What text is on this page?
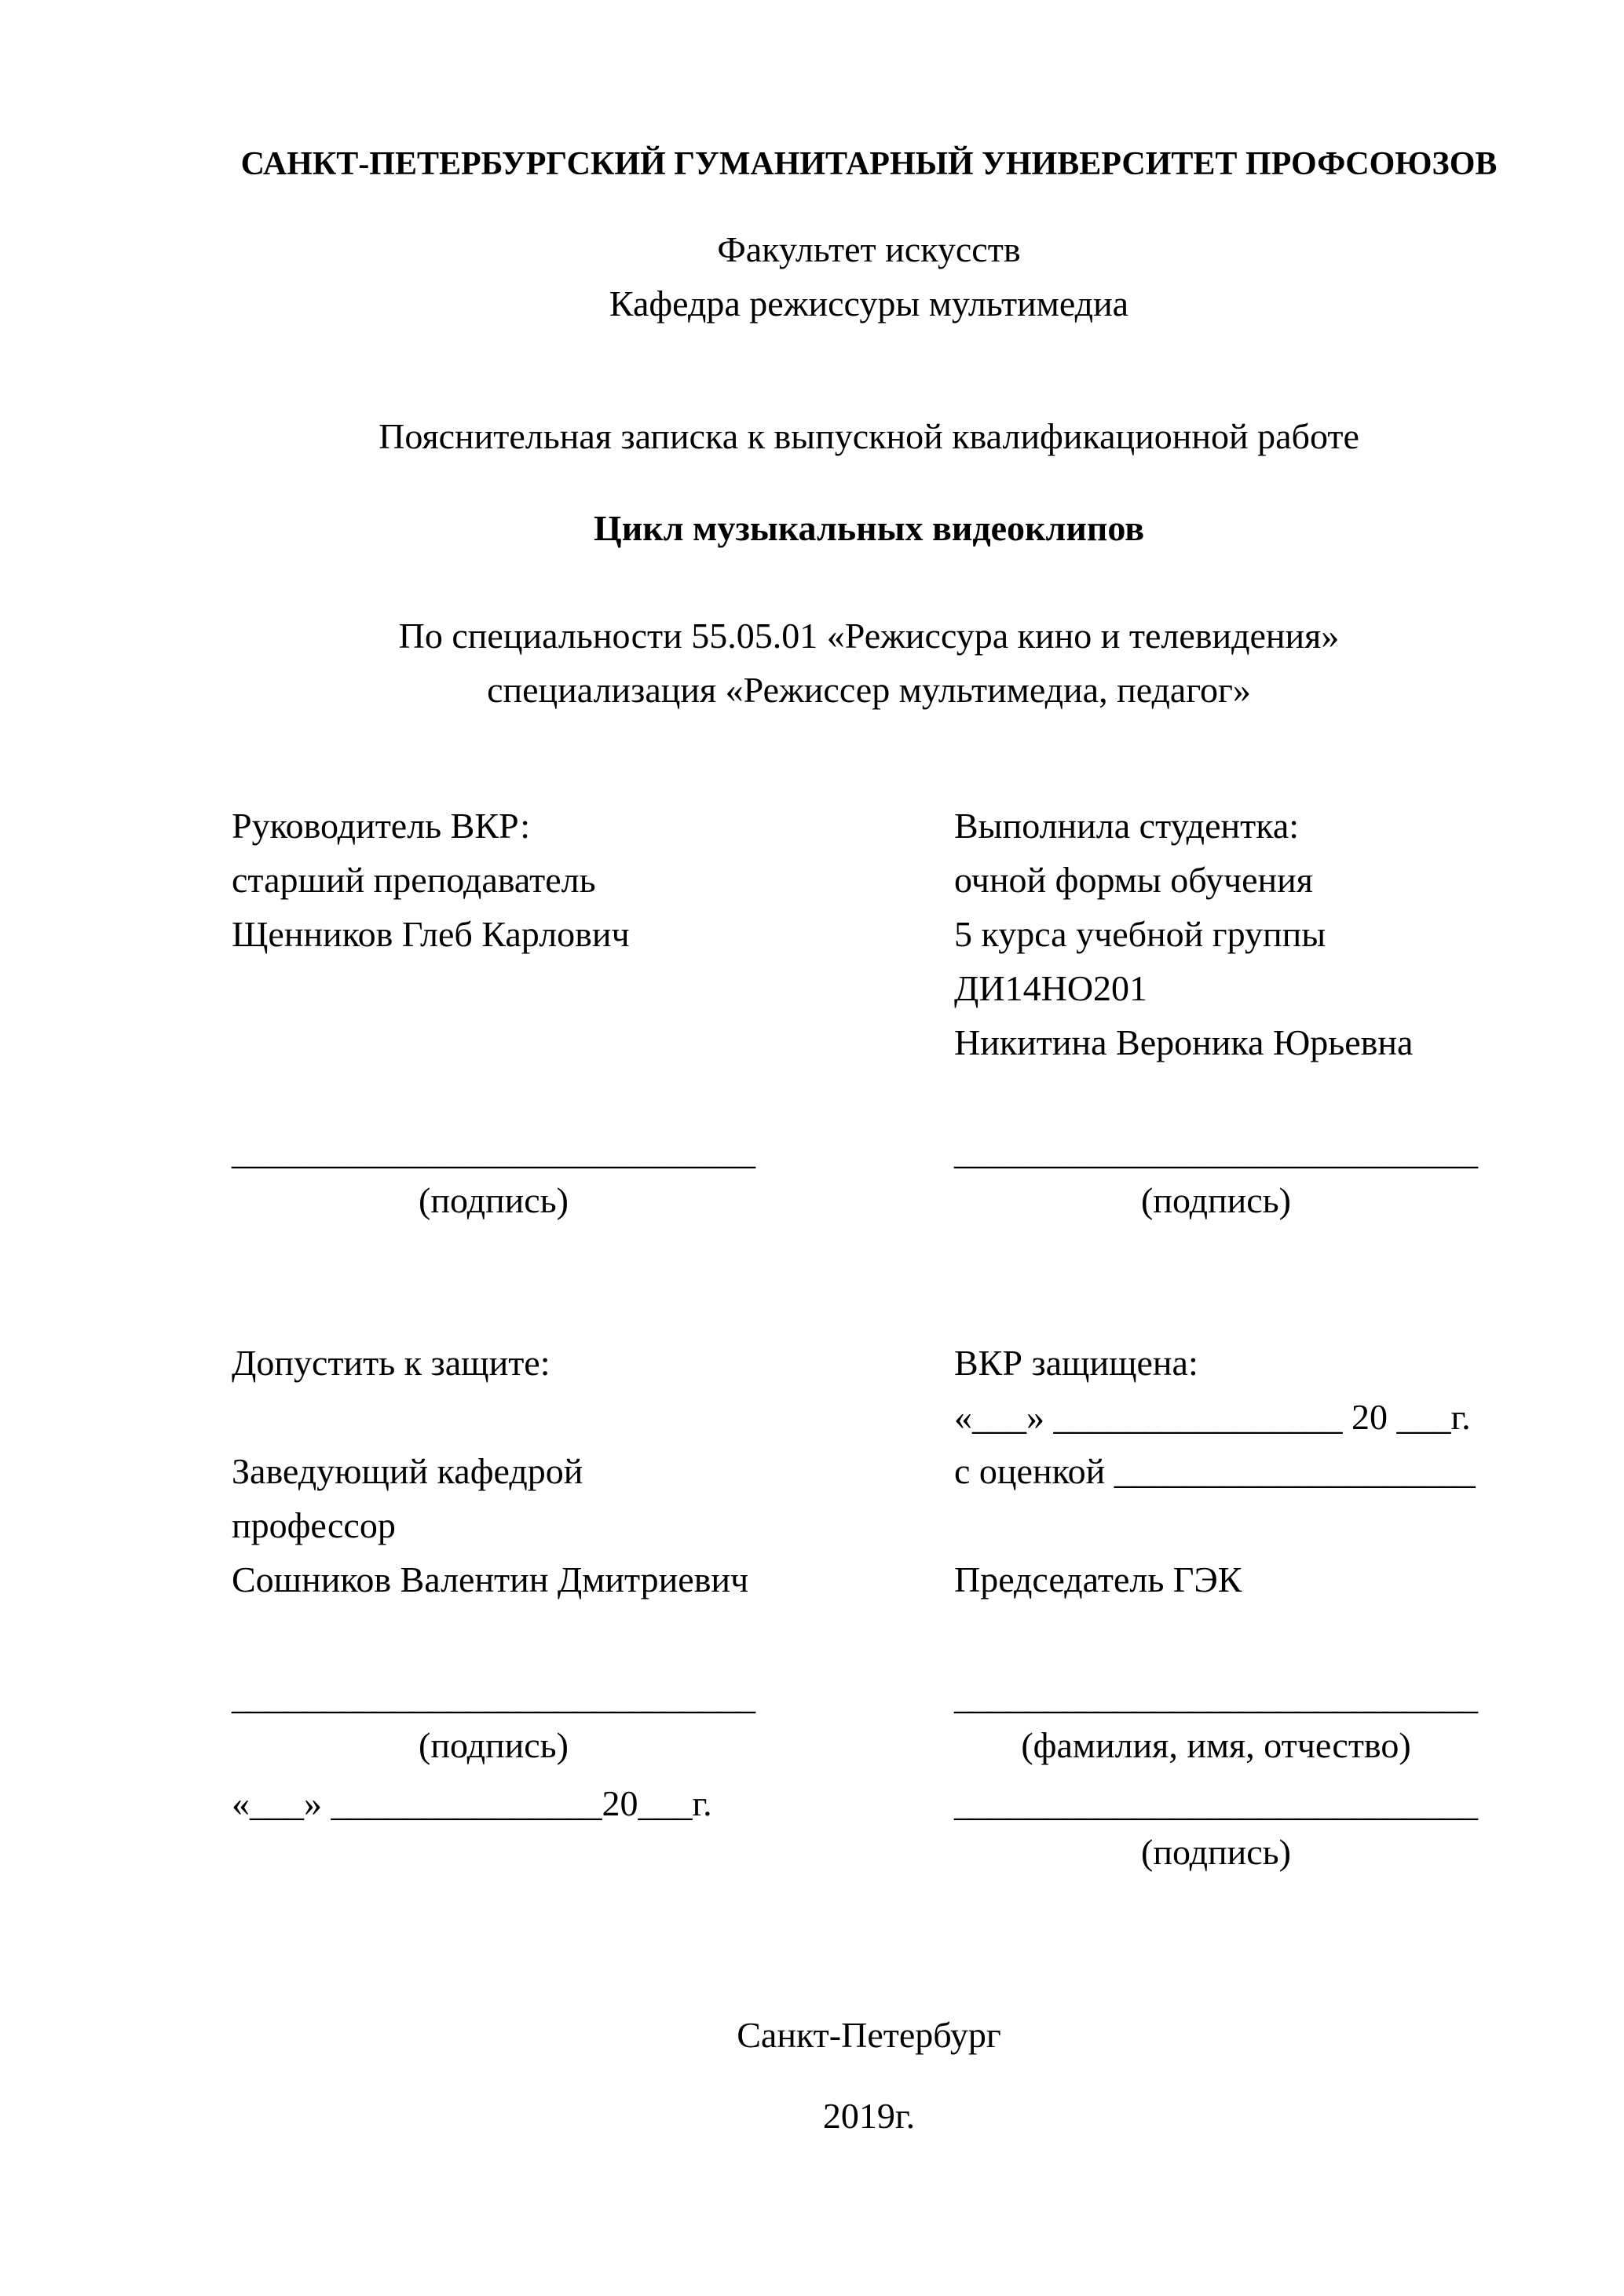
САНКТ-ПЕТЕРБУРГСКИЙ ГУМАНИТАРНЫЙ УНИВЕРСИТЕТ ПРОФСОЮЗОВ
Факультет искусств
Кафедра режиссуры мультимедиа
Пояснительная записка к выпускной квалификационной работе
Цикл музыкальных видеоклипов
По специальности 55.05.01 «Режиссура кино и телевидения»
специализация «Режиссер мультимедиа, педагог»
Руководитель ВКР:
старший преподаватель
Щенников Глеб Карлович
Выполнила студентка:
очной формы обучения
5 курса учебной группы
ДИ14НО201
Никитина Вероника Юрьевна
_____________________________
(подпись)
_____________________________
(подпись)
Допустить к защите:
Заведующий кафедрой
профессор
Сошников Валентин Дмитриевич
ВКР защищена:
«___» ________________ 20 ___г.
с оценкой ____________________
Председатель ГЭК
_____________________________
(подпись)
«___» _______________20___г.
_____________________________
(фамилия, имя, отчество)

_____________________________
(подпись)
Санкт-Петербург
2019г.
